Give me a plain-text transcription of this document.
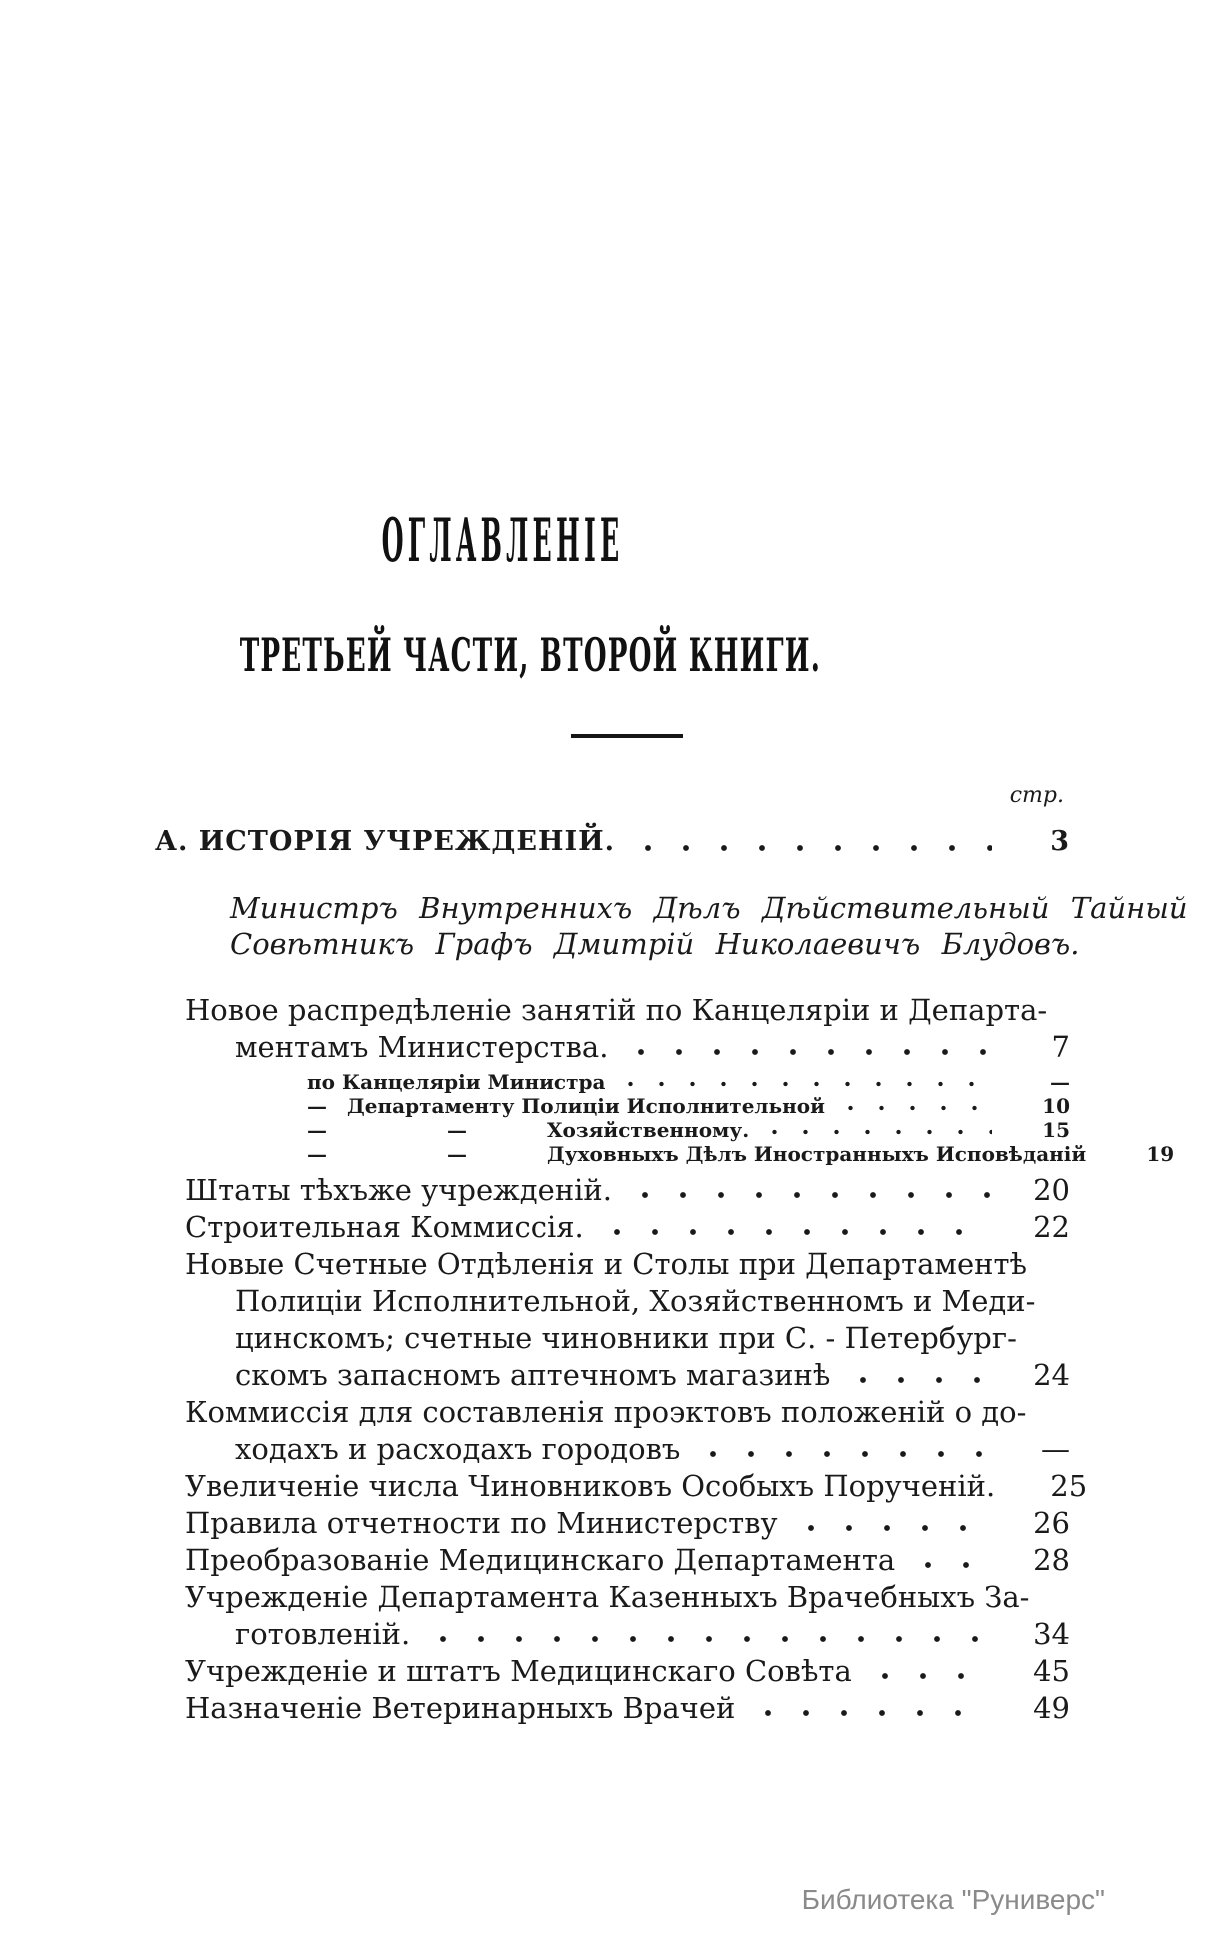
ОГЛАВЛЕНІЕ
ТРЕТЬЕЙ ЧАСТИ, ВТОРОЙ КНИГИ.
стр.
А. ИСТОРІЯ УЧРЕЖДЕНІЙ.	3
Министръ Внутреннихъ Дѣлъ Дѣйствительный Тайный
Совѣтникъ Графъ Дмитрій Николаевичъ Блудовъ.
Новое распредѣленіе занятій по Канцеляріи и Департа-
ментамъ Министерства.	7
по Канцеляріи Министра	—
— Департаменту Полиціи Исполнительной	10
—      —    Хозяйственному.	15
—      —    Духовныхъ Дѣлъ Иностранныхъ Исповѣданій	19
Штаты тѣхъже учрежденій.	20
Строительная Коммиссія.	22
Новые Счетные Отдѣленія и Столы при Департаментѣ
Полиціи Исполнительной, Хозяйственномъ и Меди-
цинскомъ; счетные чиновники при С. - Петербург-
скомъ запасномъ аптечномъ магазинѣ	24
Коммиссія для составленія проэктовъ положеній о до-
ходахъ и расходахъ городовъ	—
Увеличеніе числа Чиновниковъ Особыхъ Порученій.	25
Правила отчетности по Министерству	26
Преобразованіе Медицинскаго Департамента	28
Учрежденіе Департамента Казенныхъ Врачебныхъ За-
готовленій.	34
Учрежденіе и штатъ Медицинскаго Совѣта	45
Назначеніе Ветеринарныхъ Врачей	49
Библиотека "Руниверс"
